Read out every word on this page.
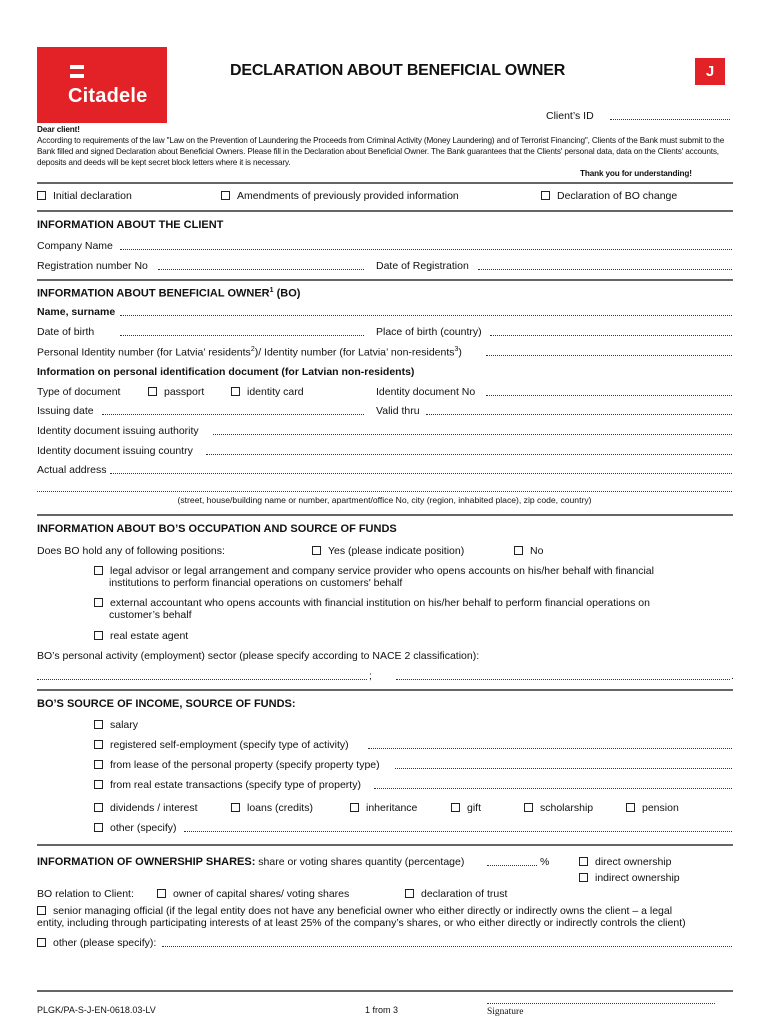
Citadele
DECLARATION ABOUT BENEFICIAL OWNER	J
Client’s ID
Dear client!
According to requirements of the law "Law on the Prevention of Laundering the Proceeds from Criminal Activity (Money Laundering) and of Terrorist Financing", Clients of the Bank must submit to the Bank filled and signed Declaration about Beneficial Owners. Please fill in the Declaration about Beneficial Owner. The Bank guarantees that the Clients' personal data, data on the Clients' accounts, deposits and deeds will be kept secret block letters where it is necessary.
Thank you for understanding!
Initial declaration	Amendments of previously provided information	Declaration of BO change
INFORMATION ABOUT THE CLIENT
Company Name
Registration number No	Date of Registration
INFORMATION ABOUT BENEFICIAL OWNER$^1$ (BO)
Name, surname
Date of birth	Place of birth (country)
Personal Identity number (for Latvia’ residents$^2$)/ Identity number (for Latvia’ non-residents$^3$)
Information on personal identification document (for Latvian non-residents)
Type of document	passport	identity card	Identity document No
Issuing date	Valid thru
Identity document issuing authority
Identity document issuing country
Actual address
(street, house/building name or number, apartment/office No, city (region, inhabited place), zip code, country)
INFORMATION ABOUT BO’S OCCUPATION AND SOURCE OF FUNDS
Does BO hold any of following positions:	Yes (please indicate position)	No
legal advisor or legal arrangement and company service provider who opens accounts on his/her behalf with financial
institutions to perform financial operations on customers' behalf
external accountant who opens accounts with financial institution on his/her behalf to perform financial operations on
customer’s behalf
real estate agent
BO’s personal activity (employment) sector (please specify according to NACE 2 classification):
;	.
BO’S SOURCE OF INCOME, SOURCE OF FUNDS:
salary
registered self-employment (specify type of activity)
from lease of the personal property (specify property type)
from real estate transactions (specify type of property)
dividends / interest	loans (credits)	inheritance	gift	scholarship	pension
other (specify)
INFORMATION OF OWNERSHIP SHARES: share or voting shares quantity (percentage)	%	direct ownership
indirect ownership
BO relation to Client:	owner of capital shares/ voting shares	declaration of trust
senior managing official (if the legal entity does not have any beneficial owner who either directly or indirectly owns the client – a legal
entity, including through participating interests of at least 25% of the company’s shares, or who either directly or indirectly controls the client)
other (please specify):
PLGK/PA-S-J-EN-0618.03-LV	1 from 3	Signature
